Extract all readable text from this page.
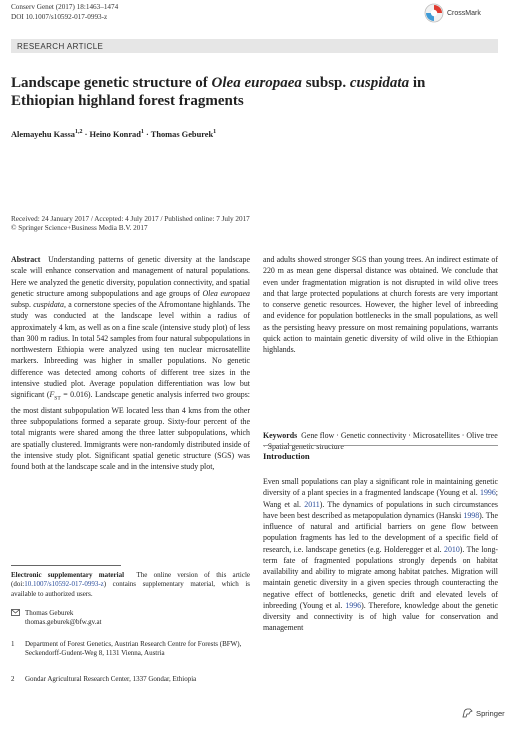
Conserv Genet (2017) 18:1463–1474
DOI 10.1007/s10592-017-0993-z	CrossMark
RESEARCH ARTICLE
Landscape genetic structure of Olea europaea subsp. cuspidata in Ethiopian highland forest fragments
Alemayehu Kassa$^{1,2}$ · Heino Konrad$^1$ · Thomas Geburek$^1$
Received: 24 January 2017 / Accepted: 4 July 2017 / Published online: 7 July 2017
© Springer Science+Business Media B.V. 2017

Abstract Understanding patterns of genetic diversity at the landscape scale will enhance conservation and management of natural populations. Here we analyzed the genetic diversity, population connectivity, and spatial genetic structure among subpopulations and age groups of Olea europaea subsp. cuspidata, a cornerstone species of the Afromontane highlands. The study was conducted at the landscape level within a radius of approximately 4 km, as well as on a fine scale (intensive study plot) of less than 300 m radius. In total 542 samples from four natural subpopulations in northwestern Ethiopia were analyzed using ten nuclear microsatellite markers. Inbreeding was higher in smaller populations. No genetic difference was detected among cohorts of different tree sizes in the intensive studied plot. Average population differentiation was low but significant $(F_{ST} = 0.016)$. Landscape genetic analysis inferred two groups: the most distant subpopulation WE located less than 4 kms from the other three subpopulations formed a separate group. Sixty-four percent of the total migrants were shared among the three latter subpopulations, which are spatially clustered. Immigrants were non-randomly distributed inside of the intensive study plot. Significant spatial genetic structure (SGS) was found both at the landscape scale and in the intensive study plot,

and adults showed stronger SGS than young trees. An indirect estimate of 220 m as mean gene dispersal distance was obtained. We conclude that even under fragmentation migration is not disrupted in wild olive trees and that large protected populations at church forests are very important to conserve genetic resources. However, the higher level of inbreeding and evidence for population bottlenecks in the small populations, as well as the persisting heavy pressure on most remaining populations, warrants quick action to maintain genetic diversity of wild olive in the Ethiopian highlands.

Keywords Gene flow · Genetic connectivity · Microsatellites · Olive tree · Spatial genetic structure
Introduction

Even small populations can play a significant role in maintaining genetic diversity of a plant species in a fragmented landscape (Young et al. 1996; Wang et al. 2011). The dynamics of populations in such circumstances have been best described as metapopulation dynamics (Hanski 1998). The influence of natural and artificial barriers on gene flow between population fragments has led to the development of a specific field of research, i.e. landscape genetics (e.g. Holderegger et al. 2010). The long-term fate of fragmented populations strongly depends on habitat availability and ability to migrate among habitat patches. Migration will maintain genetic diversity in a given species through counteracting the negative effect of bottlenecks, genetic drift and elevated levels of inbreeding (Young et al. 1996). Therefore, knowledge about the genetic diversity and connectivity is of high value for conservation and management

Electronic supplementary material The online version of this article (doi:10.1007/s10592-017-0993-z) contains supplementary material, which is available to authorized users.
Thomas Geburek
thomas.geburek@bfw.gv.at
1	Department of Forest Genetics, Austrian Research Centre for Forests (BFW), Seckendorff-Gudent-Weg 8, 1131 Vienna, Austria
2	Gondar Agricultural Research Center, 1337 Gondar, Ethiopia
Springer
